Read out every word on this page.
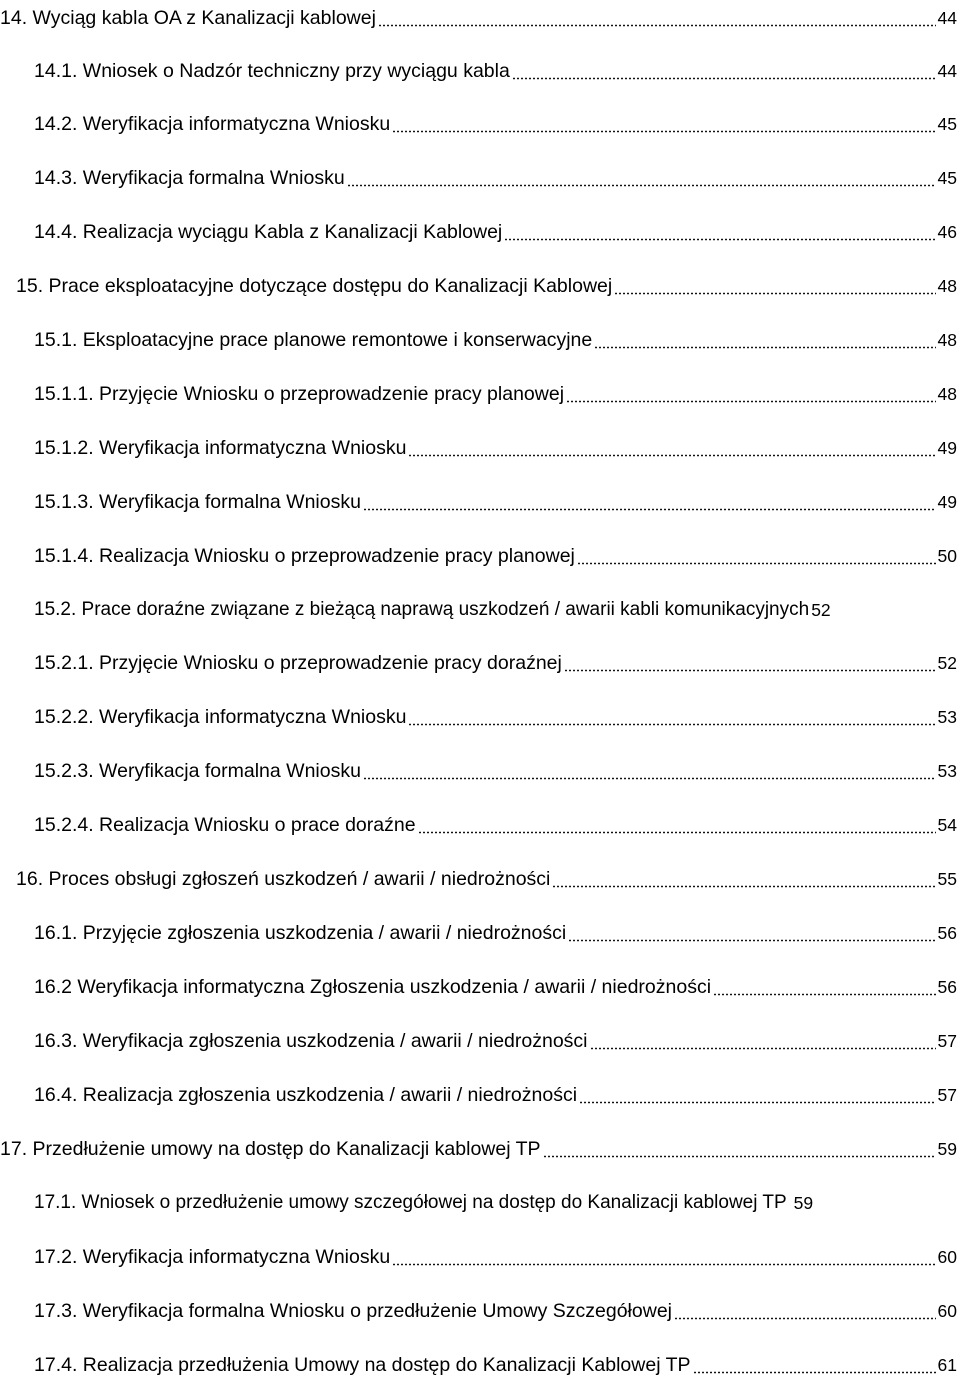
14. Wyciąg kabla OA z Kanalizacji kablowej	44
14.1. Wniosek o Nadzór techniczny przy wyciągu kabla	44
14.2. Weryfikacja informatyczna Wniosku	45
14.3. Weryfikacja formalna Wniosku	45
14.4. Realizacja wyciągu Kabla z Kanalizacji Kablowej	46
15. Prace eksploatacyjne dotyczące dostępu do Kanalizacji Kablowej	48
15.1. Eksploatacyjne prace planowe remontowe i konserwacyjne	48
15.1.1. Przyjęcie Wniosku o przeprowadzenie pracy planowej	48
15.1.2. Weryfikacja informatyczna Wniosku	49
15.1.3. Weryfikacja formalna Wniosku	49
15.1.4. Realizacja Wniosku o przeprowadzenie pracy planowej	50
15.2. Prace doraźne związane z bieżącą naprawą uszkodzeń / awarii kabli komunikacyjnych 52
15.2.1. Przyjęcie Wniosku o przeprowadzenie pracy doraźnej	52
15.2.2. Weryfikacja informatyczna Wniosku	53
15.2.3. Weryfikacja formalna Wniosku	53
15.2.4. Realizacja Wniosku o prace doraźne	54
16. Proces obsługi zgłoszeń uszkodzeń / awarii / niedrożności	55
16.1. Przyjęcie zgłoszenia uszkodzenia / awarii / niedrożności	56
16.2 Weryfikacja informatyczna Zgłoszenia uszkodzenia / awarii / niedrożności	56
16.3. Weryfikacja zgłoszenia uszkodzenia / awarii / niedrożności	57
16.4. Realizacja zgłoszenia uszkodzenia / awarii / niedrożności	57
17. Przedłużenie umowy na dostęp do Kanalizacji kablowej TP	59
17.1. Wniosek o przedłużenie umowy szczegółowej na dostęp do Kanalizacji kablowej TP 59
17.2. Weryfikacja informatyczna Wniosku	60
17.3. Weryfikacja formalna Wniosku o przedłużenie Umowy Szczegółowej	60
17.4. Realizacja przedłużenia Umowy na dostęp do Kanalizacji Kablowej TP	61
